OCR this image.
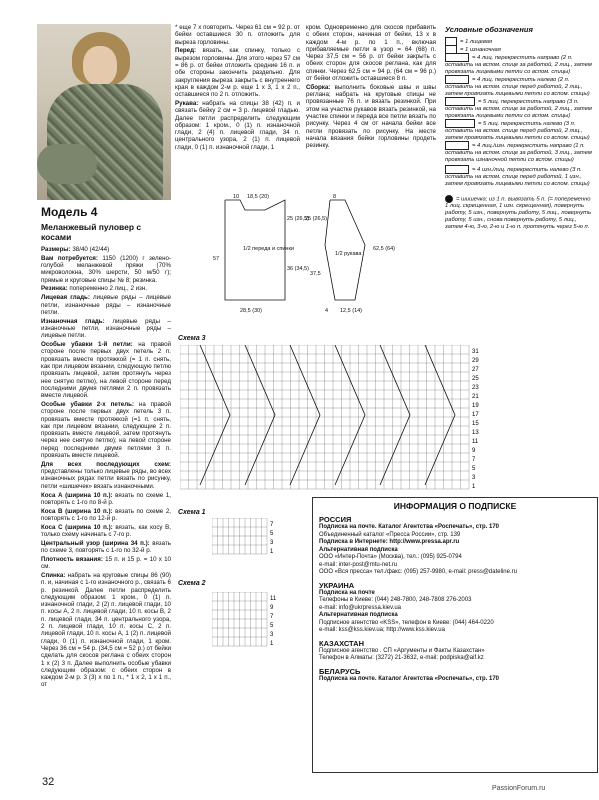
Модель 4
Меланжевый пуловер с косами

Размеры: 38/40 (42/44)

Вам потребуется: 1150 (1200) г зелено-голубой меланжевой пряжи (70% микроволокна, 30% шерсти, 50 м/50 г); прямые и круговые спицы № 8; резинка.

Резинка: попеременно 2 лиц., 2 изн.

Лицевая гладь: лицевые ряды – лицевые петли, изнаночные ряды – изнаночные петли.

Изнаночная гладь: лицевые ряды – изнаночные петли, изнаночные ряды – лицевые петли.

Особые убавки 1-й петли: на правой стороне после первых двух петель 2 п. провязать вместе протяжкой (= 1 п. снять, как при лицевом вязании, следующую петлю провязать лицевой, затем протянуть через нее снятую петлю), на левой стороне перед последними двумя петлями 2 п. провязать вместе лицевой.

Особые убавки 2-х петель: на правой стороне после первых двух петель 3 п. провязать вместе протяжкой (=1 п. снять, как при лицевом вязании, следующие 2 п. провязать вместе лицевой, затем протянуть через нее снятую петлю); на левой стороне перед последними двумя петлями 3 п. провязать вместе лицевой.

Для всех последующих схем: представлены только лицевые ряды, во всех изнаночных рядах петли вязать по рисунку, петли «шишечек» вязать изнаночными.

Коса А (ширина 10 п.): вязать по схеме 1, повторять с 1-го по 8-й р.

Коса В (ширина 10 п.): вязать по схеме 2, повторять с 1-го по 12-й р.

Коса С (ширина 10 п.): вязать, как косу В, только схему начинать с 7-го р.

Центральный узор (ширина 34 п.): вязать по схеме 3, повторять с 1-го по 32-й р.

Плотность вязания: 15 п. и 15 р. = 10 х 10 см.

Спинка: набрать на круговые спицы 86 (90) п. и, начиная с 1-го изнаночного р., связать 6 р. резинкой. Далее петли распределить следующим образом: 1 кром., 0 (1) п. изнаночной глади, 2 (2) п. лицевой глади, 10 п. косы А, 2 п. лицевой глади, 10 п. косы В, 2 п. лицевой глади, 34 п. центрального узора, 2 п. лицевой глади, 10 п. косы С, 2 п. лицевой глади, 10 п. косы А, 1 (2) п. лицевой глади, 0 (1) п. изнаночной глади, 1 кром. Через 36 см = 54 р. (34,5 см = 52 р.) от бейки сделать для скосов реглана с обеих сторон 1 х (2) 3 п. Далее выполнить особые убавки следующим образом: с обеих сторон в каждом 2-м р. 3 (3) х по 1 п., * 1 х 2, 1 х 1 п., от

* еще 7 х повторить. Через 61 см = 92 р. от бейки оставшиеся 30 п. отложить для выреза горловины.

Перед: вязать, как спинку, только с вырезом горловины. Для этого через 57 см = 86 р. от бейки отложить средние 16 п. и обе стороны закончить раздельно. Для закругления выреза закрыть с внутреннего края в каждом 2-м р. еще 1 х 3, 1 х 2 п., оставшиеся по 2 п. отложить.

Рукава: набрать на спицы 38 (42) п. и связать бейку 2 см = 3 р. лицевой гладью. Далее петли распределить следующим образом: 1 кром., 0 (1) п. изнаночной глади, 2 (4) п. лицевой глади, 34 п. центрального узора, 2 (1) п. лицевой глади, 0 (1) п. изнаночной глади, 1

кром. Одновременно для скосов прибавить с обеих сторон, начиная от бейки, 13 х в каждом 4-м р. по 1 п., включая прибавляемые петли в узор = 64 (68) п. Через 37,5 см = 56 р. от бейки закрыть с обеих сторон для скосов реглана, как для спинки. Через 62,5 см = 94 р. (64 см = 96 р.) от бейки отложить оставшиеся 8 п.

Сборка: выполнить боковые швы и швы реглана; набрать на круговые спицы не провязанные 76 п. и вязать резинкой. При этом на участке рукавов вязать резинкой, на участке спинки и переда все петли вязать по рисунку. Через 4 см от начала бейки все петли провязать по рисунку. На месте начала вязания бейки горловины продеть резинку.

Условные обозначения
= 1 лицевая
= 1 изнаночная
= 4 лиц. перекрестить направо (2 п. оставить на вспом. спице за работой, 2 лиц., затем провязать лицевыми петли со вспом. спицы)
= 4 лиц. перекрестить налево (2 п. оставить на вспом. спице перед работой, 2 лиц., затем провязать лицевыми петли со вспом. спицы)
= 5 лиц. перекрестить направо (3 п. оставить на вспом. спице за работой, 2 лиц., затем провязать лицевыми петли со вспом. спицы)
= 5 лиц. перекрестить налево (3 п. оставить на вспом. спице перед работой, 2 лиц., затем провязать лицевыми петли со вспом. спицы)
= 4 лиц./изн. перекрестить направо (1 п. оставить на вспом. спице за работой, 3 лиц., затем провязать изнаночной петли со вспом. спицы)
= 4 изн./лиц. перекрестить налево (3 п. оставить на вспом. спице перед работой, 1 изн., затем провязать лицевыми петли со вспом. спицы)
= шишечка: из 1 п. вывязать 5 п. (= попеременно 1 лиц. скрещенная, 1 изн. скрещенная), повернуть работу, 5 изн., повернуть работу, 5 лиц., повернуть работу, 5 изн., снова повернуть работу, 5 лиц., затем 4-ю, 3-ю, 2-ю и 1-ю п. протянуть через 5-ю п.
1/2 переда и спинки
18,5 (20)
10
25 (26,5)
57
36 (34,5)
28,5 (30)
1/2 рукава
8
25 (26,5)
62,5 (64)
37,5
12,5 (14)
4
Схема 3
31
29
27
25
23
21
19
17
15
13
11
9
7
5
3
1
Схема 1
7
5
3
1
Схема 2
11
9
7
5
3
1
ИНФОРМАЦИЯ О ПОДПИСКЕ
РОССИЯ
Подписка на почте. Каталог Агентства «Роспечать», стр. 170
Объединенный каталог «Пресса России», стр. 139
Подписка в Интернете: http://www.pressa.apr.ru
Альтернативная подписка
ООО «Интер-Почта» (Москва), тел.: (095) 925-0794
e-mail: inter-post@mtu-net.ru
ООО «Вся пресса» тел./факс: (095) 257-9980, e-mail: press@dateline.ru
УКРАИНА
Подписка на почте
Телефоны в Киеве: (044) 248-7800, 248-7808 276-2003
e-mail: info@ukrpressa.kiev.ua
Альтернативная подписка
Подписное агентство «KSS», телефон в Киеве: (044) 464-0220
e-mail: kss@kss.kiev.ua; http://www.kss.kiev.ua
КАЗАХСТАН
Подписное агентство . СП «Аргументы и Факты Казахстан»
Телефон в Алматы: (3272) 21-3632, e-mail: podpiska@aif.kz
БЕЛАРУСЬ
Подписка на почте. Каталог Агентства «Роспечать», стр. 170
32
PassionForum.ru
